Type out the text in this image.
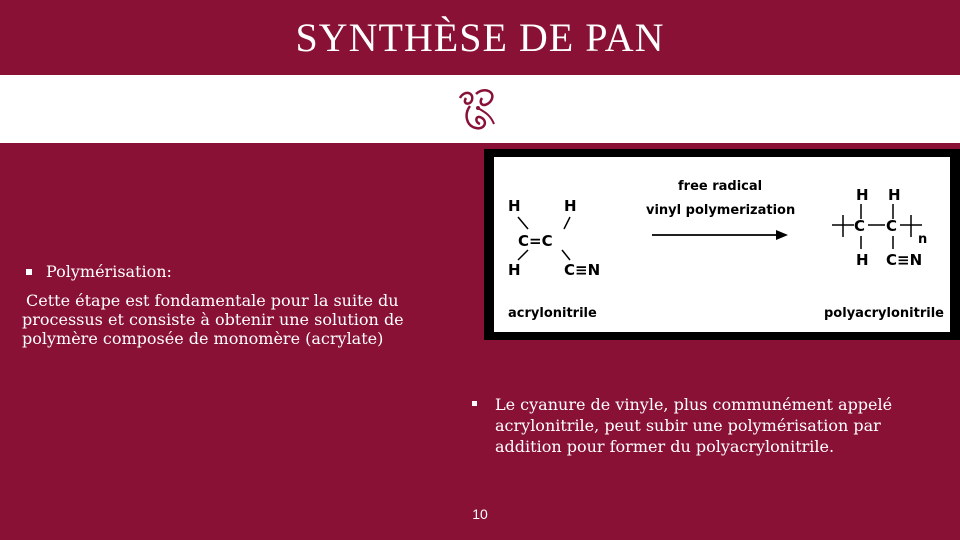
SYNTHÈSE DE PAN
Polymérisation:
Cette étape est fondamentale pour la suite du processus et consiste à obtenir une solution de polymère composée de monomère (acrylate)
H	H
C=C
H	C≡N
acrylonitrile
free radical
vinyl polymerization
H H
C C
n
H C≡N
polyacrylonitrile
Le cyanure de vinyle, plus communément appelé acrylonitrile, peut subir une polymérisation par addition pour former du polyacrylonitrile.
10
